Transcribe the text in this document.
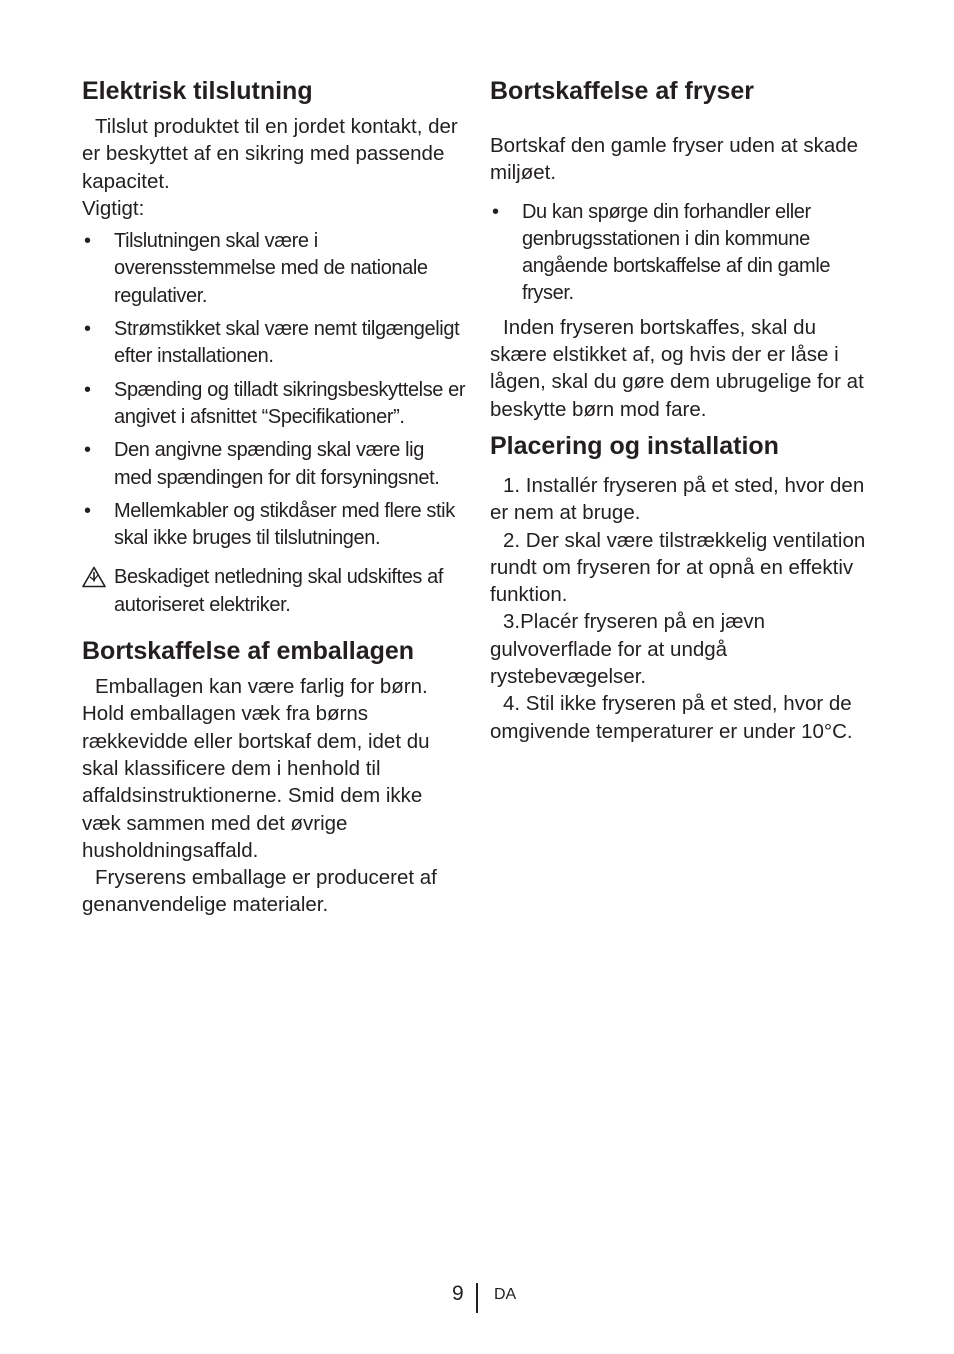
Elektrisk tilslutning

Tilslut produktet til en jordet kontakt, der er beskyttet af en sikring med passende kapacitet.

Vigtigt:

• Tilslutningen skal være i overensstemmelse med de nationale regulativer.
• Strømstikket skal være nemt tilgængeligt efter installationen.
• Spænding og tilladt sikringsbeskyttelse er angivet i afsnittet “Specifikationer”.
• Den angivne spænding skal være lig med spændingen for dit forsyningsnet.
• Mellemkabler og stikdåser med flere stik skal ikke bruges til tilslutningen.
Beskadiget netledning skal udskiftes af autoriseret elektriker.
Bortskaffelse af emballagen

Emballagen kan være farlig for børn. Hold emballagen væk fra børns rækkevidde eller bortskaf dem, idet du skal klassificere dem i henhold til affaldsinstruktionerne. Smid dem ikke væk sammen med det øvrige husholdningsaffald.

Fryserens emballage er produceret af genanvendelige materialer.

Bortskaffelse af fryser

Bortskaf den gamle fryser uden at skade miljøet.

• Du kan spørge din forhandler eller genbrugsstationen i din kommune angående bortskaffelse af din gamle fryser.

Inden fryseren bortskaffes, skal du skære elstikket af, og hvis der er låse i lågen, skal du gøre dem ubrugelige for at beskytte børn mod fare.

Placering og installation

1. Installér fryseren på et sted, hvor den er nem at bruge.

2. Der skal være tilstrækkelig ventilation rundt om fryseren for at opnå en effektiv funktion.

3.Placér fryseren på en jævn gulvoverflade for at undgå rystebevægelser.

4. Stil ikke fryseren på et sted, hvor de omgivende temperaturer er under 10°C.

9 DA
